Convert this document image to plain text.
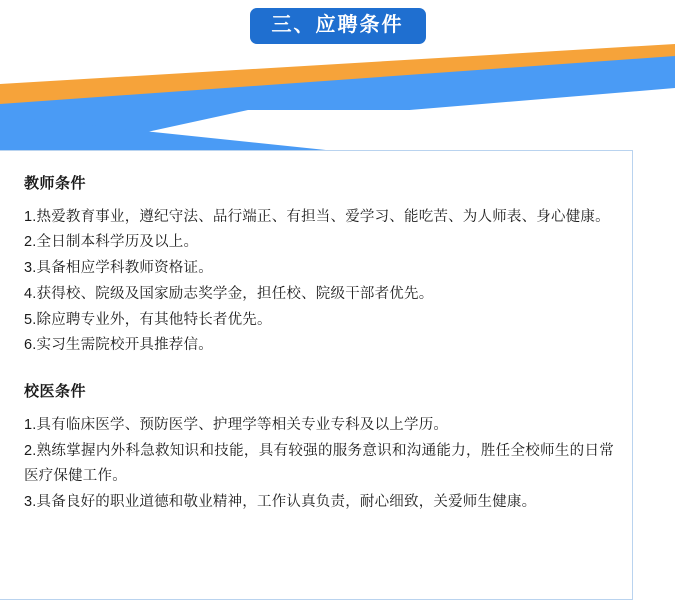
三、应聘条件

教师条件

1.热爱教育事业，遵纪守法、品行端正、有担当、爱学习、能吃苦、为人师表、身心健康。

2.全日制本科学历及以上。

3.具备相应学科教师资格证。

4.获得校、院级及国家励志奖学金，担任校、院级干部者优先。

5.除应聘专业外，有其他特长者优先。

6.实习生需院校开具推荐信。

校医条件

1.具有临床医学、预防医学、护理学等相关专业专科及以上学历。

2.熟练掌握内外科急救知识和技能，具有较强的服务意识和沟通能力，胜任全校师生的日常医疗保健工作。

3.具备良好的职业道德和敬业精神，工作认真负责，耐心细致，关爱师生健康。
